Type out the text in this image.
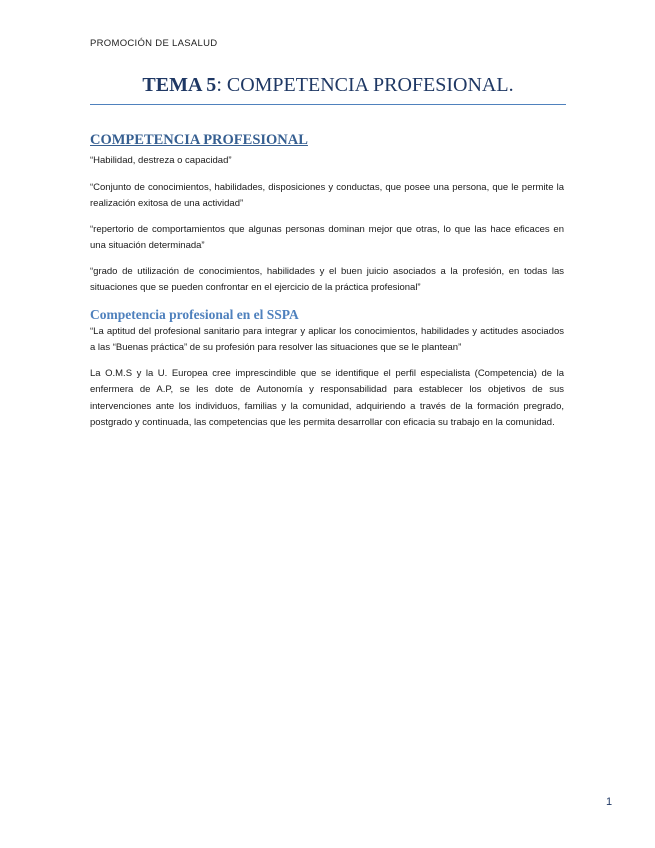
PROMOCIÓN DE LASALUD
TEMA 5: COMPETENCIA PROFESIONAL.
COMPETENCIA PROFESIONAL

“Habilidad, destreza o capacidad”

“Conjunto de conocimientos, habilidades, disposiciones y conductas, que posee una persona, que le permite la realización exitosa de una actividad”

“repertorio de comportamientos que algunas personas dominan mejor que otras, lo que las hace eficaces en una situación determinada”

“grado de utilización de conocimientos, habilidades y el buen juicio asociados a la profesión, en todas las situaciones que se pueden confrontar en el ejercicio de la práctica profesional”

Competencia profesional en el SSPA

“La aptitud del profesional sanitario para integrar y aplicar los conocimientos, habilidades y actitudes asociados a las “Buenas práctica” de su profesión para resolver las situaciones que se le plantean”

La O.M.S y la U. Europea cree imprescindible que se identifique el perfil especialista (Competencia) de la enfermera de A.P, se les dote de Autonomía y responsabilidad para establecer los objetivos de sus intervenciones ante los individuos, familias y la comunidad, adquiriendo a través de la formación pregrado, postgrado y continuada, las competencias que les permita desarrollar con eficacia su trabajo en la comunidad.

1
